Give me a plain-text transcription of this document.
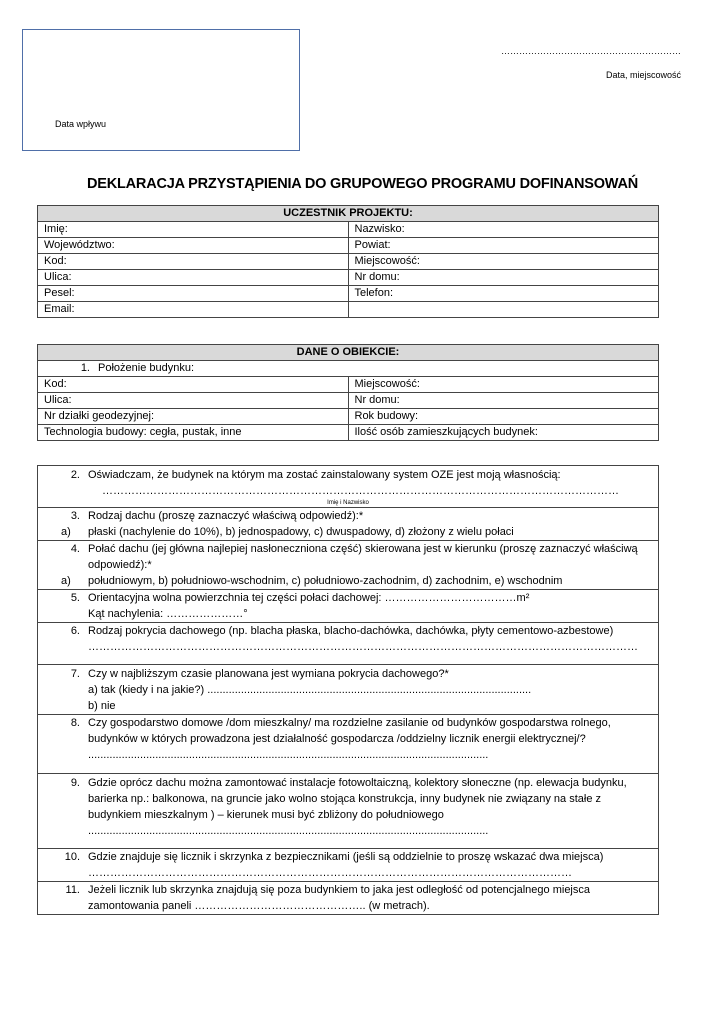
Data wpływu
……………………………………………………
Data, miejscowość
DEKLARACJA PRZYSTĄPIENIA DO GRUPOWEGO PROGRAMU DOFINANSOWAŃ
UCZESTNIK PROJEKTU:	
Imię:	Nazwisko:
Województwo:	Powiat:
Kod:	Miejscowość:
Ulica:	Nr domu:
Pesel:	Telefon:
Email:	
DANE O OBIEKCIE:	
1. Położenie budynku:	
Kod:	Miejscowość:
Ulica:	Nr domu:
Nr działki geodezyjnej:	Rok budowy:
Technologia budowy: cegła, pustak, inne	Ilość osób zamieszkujących budynek:
2. Oświadczam, że budynek na którym ma zostać zainstalowany system OZE jest moją własnością:
……………………………………………………………………………………………………………………………
Imię i Nazwisko

3. Rodzaj dachu (proszę zaznaczyć właściwą odpowiedź):*
a)	płaski (nachylenie do 10%), b) jednospadowy, c) dwuspadowy, d) złożony z wielu połaci

4. Połać dachu (jej główna najlepiej nasłoneczniona część) skierowana jest w kierunku (proszę zaznaczyć właściwą odpowiedź):*
a)	południowym, b) południowo-wschodnim, c) południowo-zachodnim, d) zachodnim, e) wschodnim

5. Orientacyjna wolna powierzchnia tej części połaci dachowej: ………………………………m²
Kąt nachylenia: …………………°

6. Rodzaj pokrycia dachowego (np. blacha płaska, blacho-dachówka, dachówka, płyty cementowo-azbestowe)
……………………………………………………………………………………………………………………………………

7. Czy w najbliższym czasie planowana jest wymiana pokrycia dachowego?*
a) tak (kiedy i na jakie?) ..........................................................................................................
b) nie

8. Czy gospodarstwo domowe /dom mieszkalny/ ma rozdzielne zasilanie od budynków gospodarstwa rolnego, budynków w których prowadzona jest działalność gospodarcza /oddzielny licznik energii elektrycznej/?
...................................................................................................................................

9. Gdzie oprócz dachu można zamontować instalacje fotowoltaiczną, kolektory słoneczne (np. elewacja budynku, barierka np.: balkonowa, na gruncie jako wolno stojąca konstrukcja, inny budynek nie związany na stałe z budynkiem mieszkalnym ) – kierunek musi być zbliżony do południowego
...................................................................................................................................

10. Gdzie znajduje się licznik i skrzynka z bezpiecznikami (jeśli są oddzielnie to proszę wskazać dwa miejsca)
……………………………………………………………………………………………………………………

11. Jeżeli licznik lub skrzynka znajdują się poza budynkiem to jaka jest odległość od potencjalnego miejsca zamontowania paneli ……………………………………….. (w metrach).
